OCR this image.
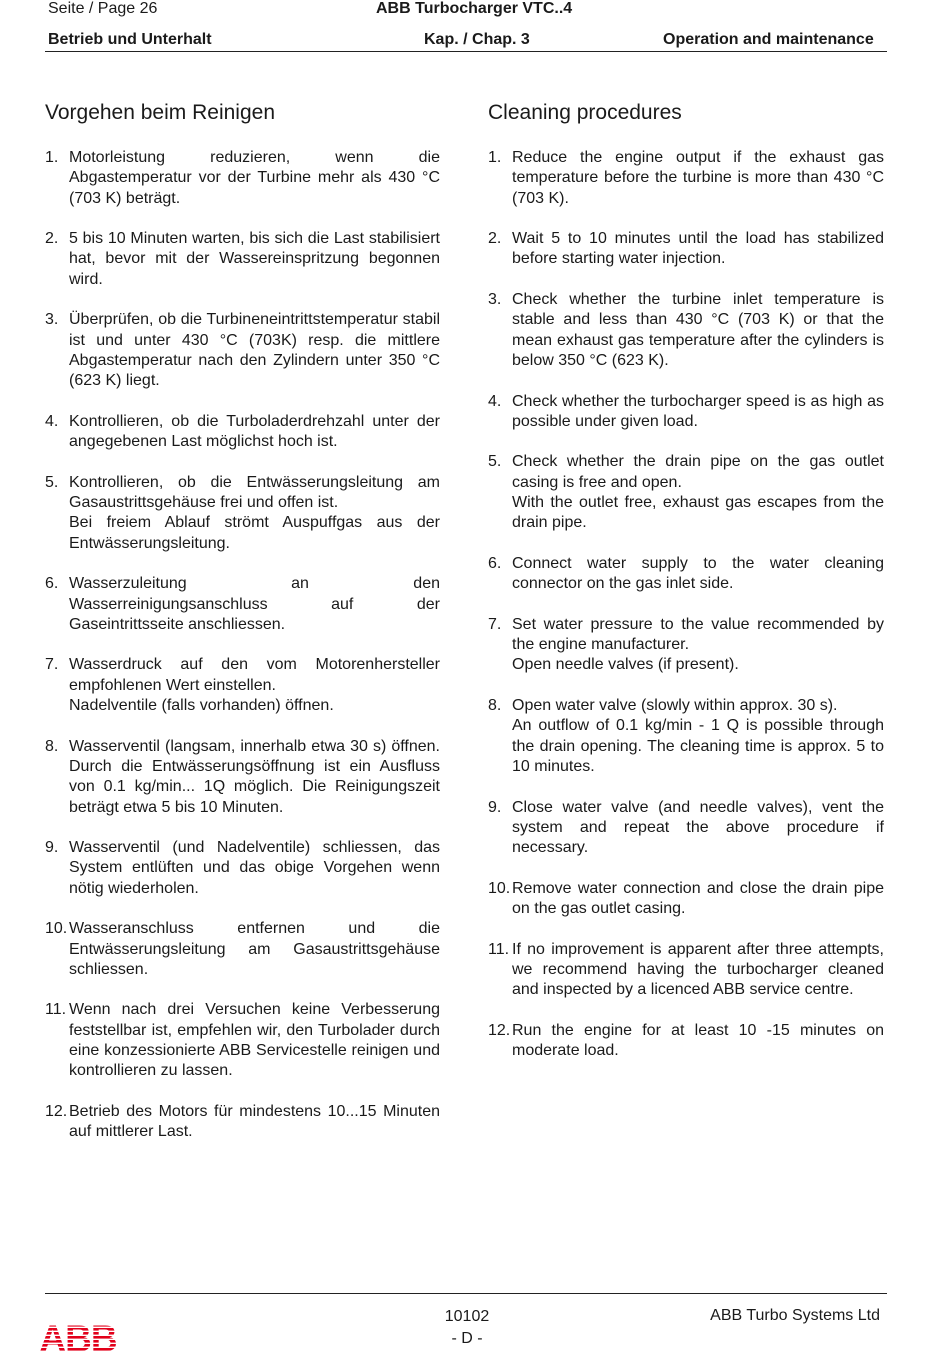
Seite / Page 26	ABB Turbocharger VTC..4
Betrieb und Unterhalt	Kap. / Chap. 3	Operation and maintenance
Vorgehen beim Reinigen	Cleaning procedures
1. Motorleistung reduzieren, wenn die Abgastemperatur vor der Turbine mehr als 430 °C (703 K) beträgt.
2. 5 bis 10 Minuten warten, bis sich die Last stabilisiert hat, bevor mit der Wassereinspritzung begonnen wird.
3. Überprüfen, ob die Turbineneintrittstemperatur stabil ist und unter 430 °C (703K) resp. die mittlere Abgastemperatur nach den Zylindern unter 350 °C (623 K) liegt.
4. Kontrollieren, ob die Turboladerdrehzahl unter der angegebenen Last möglichst hoch ist.
5. Kontrollieren, ob die Entwässerungsleitung am Gasaustrittsgehäuse frei und offen ist.
Bei freiem Ablauf strömt Auspuffgas aus der Entwässerungsleitung.
6. Wasserzuleitung an den Wasserreinigungsanschluss auf der Gaseintrittsseite anschliessen.
7. Wasserdruck auf den vom Motorenhersteller empfohlenen Wert einstellen.
Nadelventile (falls vorhanden) öffnen.
8. Wasserventil (langsam, innerhalb etwa 30 s) öffnen. Durch die Entwässerungsöffnung ist ein Ausfluss von 0.1 kg/min... 1Q möglich. Die Reinigungszeit beträgt etwa 5 bis 10 Minuten.
9. Wasserventil (und Nadelventile) schliessen, das System entlüften und das obige Vorgehen wenn nötig wiederholen.
10. Wasseranschluss entfernen und die Entwässerungsleitung am Gasaustrittsgehäuse schliessen.
11. Wenn nach drei Versuchen keine Verbesserung feststellbar ist, empfehlen wir, den Turbolader durch eine konzessionierte ABB Servicestelle reinigen und kontrollieren zu lassen.
12. Betrieb des Motors für mindestens 10...15 Minuten auf mittlerer Last.
1. Reduce the engine output if the exhaust gas temperature before the turbine is more than 430 °C (703 K).
2. Wait 5 to 10 minutes until the load has stabilized before starting water injection.
3. Check whether the turbine inlet temperature is stable and less than 430 °C (703 K) or that the mean exhaust gas temperature after the cylinders is below 350 °C (623 K).
4. Check whether the turbocharger speed is as high as possible under given load.
5. Check whether the drain pipe on the gas outlet casing is free and open.
With the outlet free, exhaust gas escapes from the drain pipe.
6. Connect water supply to the water cleaning connector on the gas inlet side.
7. Set water pressure to the value recommended by the engine manufacturer.
Open needle valves (if present).
8. Open water valve (slowly within approx. 30 s).
An outflow of 0.1 kg/min - 1 Q is possible through the drain opening. The cleaning time is approx. 5 to 10 minutes.
9. Close water valve (and needle valves), vent the system and repeat the above procedure if necessary.
10. Remove water connection and close the drain pipe on the gas outlet casing.
11. If no improvement is apparent after three attempts, we recommend having the turbocharger cleaned and inspected by a licenced ABB service centre.
12. Run the engine for at least 10 -15 minutes on moderate load.
10102
- D -
ABB Turbo Systems Ltd
ABB
